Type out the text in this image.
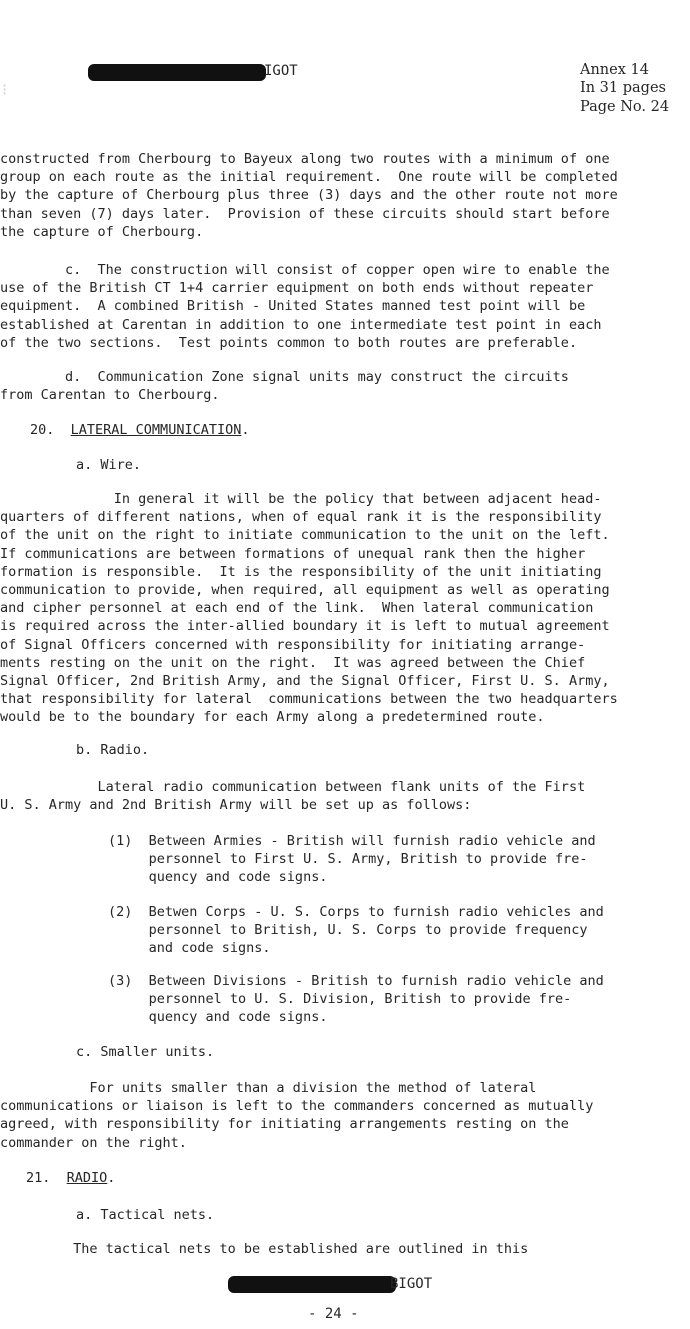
IGOT
⁝
Annex 14
In 31 pages
Page No. 24
constructed from Cherbourg to Bayeux along two routes with a minimum of one
group on each route as the initial requirement.  One route will be completed
by the capture of Cherbourg plus three (3) days and the other route not more
than seven (7) days later.  Provision of these circuits should start before
the capture of Cherbourg.
c.  The construction will consist of copper open wire to enable the
use of the British CT 1+4 carrier equipment on both ends without repeater
equipment.  A combined British - United States manned test point will be
established at Carentan in addition to one intermediate test point in each
of the two sections.  Test points common to both routes are preferable.
d.  Communication Zone signal units may construct the circuits
from Carentan to Cherbourg.
20. LATERAL COMMUNICATION.
a. Wire.
In general it will be the policy that between adjacent head-
quarters of different nations, when of equal rank it is the responsibility
of the unit on the right to initiate communication to the unit on the left.
If communications are between formations of unequal rank then the higher
formation is responsible.  It is the responsibility of the unit initiating
communication to provide, when required, all equipment as well as operating
and cipher personnel at each end of the link.  When lateral communication
is required across the inter-allied boundary it is left to mutual agreement
of Signal Officers concerned with responsibility for initiating arrange-
ments resting on the unit on the right.  It was agreed between the Chief
Signal Officer, 2nd British Army, and the Signal Officer, First U. S. Army,
that responsibility for lateral  communications between the two headquarters
would be to the boundary for each Army along a predetermined route.
b. Radio.
Lateral radio communication between flank units of the First
U. S. Army and 2nd British Army will be set up as follows:
(1)  Between Armies - British will furnish radio vehicle and
personnel to First U. S. Army, British to provide fre-
quency and code signs.
(2)  Betwen Corps - U. S. Corps to furnish radio vehicles and
personnel to British, U. S. Corps to provide frequency
and code signs.
(3)  Between Divisions - British to furnish radio vehicle and
personnel to U. S. Division, British to provide fre-
quency and code signs.
c. Smaller units.
For units smaller than a division the method of lateral
communications or liaison is left to the commanders concerned as mutually
agreed, with responsibility for initiating arrangements resting on the
commander on the right.
21. RADIO.
a. Tactical nets.
The tactical nets to be established are outlined in this
BIGOT
- 24 -
